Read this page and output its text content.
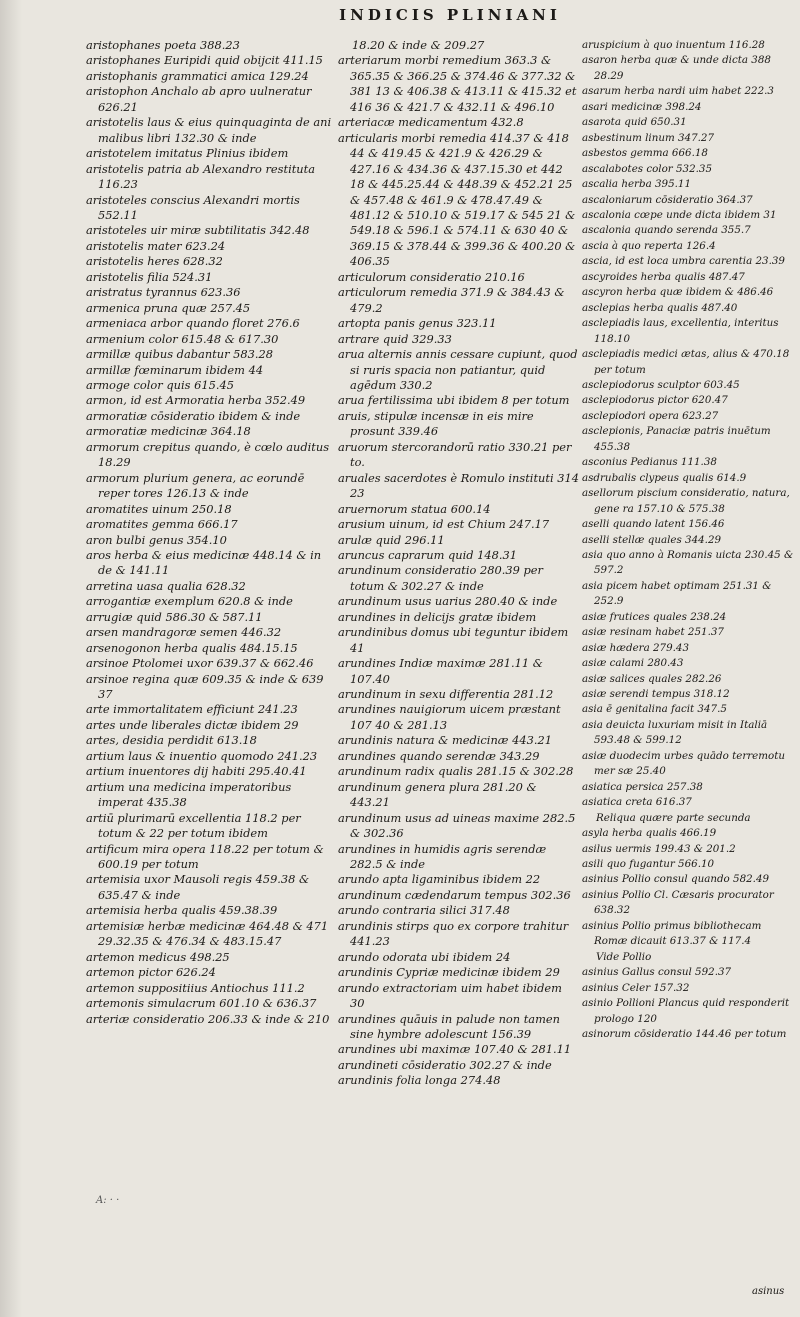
INDICIS PLINIANI

aristophanes poeta 388.23

aristophanes Euripidi quid obijcit 411.15

aristophanis grammatici amica 129.24

aristophon Anchalo ab apro uulneratur 626.21

aristotelis laus & eius quinquaginta de ani malibus libri 132.30 & inde

aristotelem imitatus Plinius ibidem

aristotelis patria ab Alexandro restituta 116.23

aristoteles conscius Alexandri mortis 552.11

aristoteles uir miræ subtilitatis 342.48

aristotelis mater 623.24

aristotelis heres 628.32

aristotelis filia 524.31

aristratus tyrannus 623.36

armenica pruna quæ 257.45

armeniaca arbor quando floret 276.6

armenium color 615.48 & 617.30

armillæ quibus dabantur 583.28

armillæ fœminarum ibidem 44

armoge color quis 615.45

armon, id est Armoratia herba 352.49

armoratiæ cōsideratio ibidem & inde

armoratiæ medicinæ 364.18

armorum crepitus quando, è cœlo auditus 18.29

armorum plurium genera, ac eorundē reper tores 126.13 & inde

aromatites uinum 250.18

aromatites gemma 666.17

aron bulbi genus 354.10

aros herba & eius medicinæ 448.14 & in de & 141.11

arretina uasa qualia 628.32

arrogantiæ exemplum 620.8 & inde

arrugiæ quid 586.30 & 587.11

arsen mandragoræ semen 446.32

arsenogonon herba qualis 484.15.15

arsinoe Ptolomei uxor 639.37 & 662.46

arsinoe regina quæ 609.35 & inde & 639 37

arte immortalitatem efficiunt 241.23

artes unde liberales dictæ ibidem 29

artes, desidia perdidit 613.18

artium laus & inuentio quomodo 241.23

artium inuentores dij habiti 295.40.41

artium una medicina imperatoribus imperat 435.38

artiū plurimarū excellentia 118.2 per totum & 22 per totum ibidem

artificum mira opera 118.22 per totum & 600.19 per totum

artemisia uxor Mausoli regis 459.38 & 635.47 & inde

artemisia herba qualis 459.38.39

artemisiæ herbæ medicinæ 464.48 & 471 29.32.35 & 476.34 & 483.15.47

artemon medicus 498.25

artemon pictor 626.24

artemon suppositiius Antiochus 111.2

artemonis simulacrum 601.10 & 636.37

arteriæ consideratio 206.33 & inde & 210

18.20 & inde & 209.27

arteriarum morbi remedium 363.3 & 365.35 & 366.25 & 374.46 & 377.32 & 381 13 & 406.38 & 413.11 & 415.32 et 416 36 & 421.7 & 432.11 & 496.10

arteriacæ medicamentum 432.8

articularis morbi remedia 414.37 & 418 44 & 419.45 & 421.9 & 426.29 & 427.16 & 434.36 & 437.15.30 et 442 18 & 445.25.44 & 448.39 & 452.21 25 & 457.48 & 461.9 & 478.47.49 & 481.12 & 510.10 & 519.17 & 545 21 & 549.18 & 596.1 & 574.11 & 630 40 & 369.15 & 378.44 & 399.36 & 400.20 & 406.35

articulorum consideratio 210.16

articulorum remedia 371.9 & 384.43 & 479.2

artopta panis genus 323.11

artrare quid 329.33

arua alternis annis cessare cupiunt, quod si ruris spacia non patiantur, quid agēdum 330.2

arua fertilissima ubi ibidem 8 per totum

aruis, stipulæ incensæ in eis mire prosunt 339.46

aruorum stercorandorū ratio 330.21 per to.

aruales sacerdotes è Romulo instituti 314 23

aruernorum statua 600.14

arusium uinum, id est Chium 247.17

arulæ quid 296.11

aruncus caprarum quid 148.31

arundinum consideratio 280.39 per totum & 302.27 & inde

arundinum usus uarius 280.40 & inde

arundines in delicijs gratæ ibidem

arundinibus domus ubi teguntur ibidem 41

arundines Indiæ maximæ 281.11 & 107.40

arundinum in sexu differentia 281.12

arundines nauigiorum uicem præstant 107 40 & 281.13

arundinis natura & medicinæ 443.21

arundines quando serendæ 343.29

arundinum radix qualis 281.15 & 302.28

arundinum genera plura 281.20 & 443.21

arundinum usus ad uineas maxime 282.5 & 302.36

arundines in humidis agris serendæ 282.5 & inde

arundo apta ligaminibus ibidem 22

arundinum cædendarum tempus 302.36

arundo contraria silici 317.48

arundinis stirps quo ex corpore trahitur 441.23

arundo odorata ubi ibidem 24

arundinis Cypriæ medicinæ ibidem 29

arundo extractoriam uim habet ibidem 30

arundines quāuis in palude non tamen sine hymbre adolescunt 156.39

arundines ubi maximæ 107.40 & 281.11

arundineti cōsideratio 302.27 & inde

arundinis folia longa 274.48

aruspicium à quo inuentum 116.28

asaron herba quæ & unde dicta 388 28.29

asarum herba nardi uim habet 222.3

asari medicinæ 398.24

asarota quid 650.31

asbestinum linum 347.27

asbestos gemma 666.18

ascalabotes color 532.35

ascalia herba 395.11

ascaloniarum cōsideratio 364.37

ascalonia cœpe unde dicta ibidem 31

ascalonia quando serenda 355.7

ascia à quo reperta 126.4

ascia, id est loca umbra carentia 23.39

ascyroides herba qualis 487.47

ascyron herba quæ ibidem & 486.46

asclepias herba qualis 487.40

asclepiadis laus, excellentia, interitus 118.10

asclepiadis medici ætas, alius & 470.18 per totum

asclepiodorus sculptor 603.45

asclepiodorus pictor 620.47

asclepiodori opera 623.27

asclepionis, Panaciæ patris inuētum 455.38

asconius Pedianus 111.38

asdrubalis clypeus qualis 614.9

asellorum piscium consideratio, natura, gene ra 157.10 & 575.38

aselli quando latent 156.46

aselli stellæ quales 344.29

asia quo anno à Romanis uicta 230.45 & 597.2

asia picem habet optimam 251.31 & 252.9

asiæ frutices quales 238.24

asiæ resinam habet 251.37

asiæ hædera 279.43

asiæ calami 280.43

asiæ salices quales 282.26

asiæ serendi tempus 318.12

asia ē genitalina facit 347.5

asia deuicta luxuriam misit in Italiā 593.48 & 599.12

asiæ duodecim urbes quādo terremotu mer sæ 25.40

asiatica persica 257.38

asiatica creta 616.37

Reliqua quære parte secunda

asyla herba qualis 466.19

asilus uermis 199.43 & 201.2

asili quo fugantur 566.10

asinius Pollio consul quando 582.49

asinius Pollio Cl. Cæsaris procurator 638.32

asinius Pollio primus bibliothecam Romæ dicauit 613.37 & 117.4

Vide Pollio

asinius Gallus consul 592.37

asinius Celer 157.32

asinio Pollioni Plancus quid responderit prologo 120

asinorum cōsideratio 144.46 per totum

A: · ·
asinus
